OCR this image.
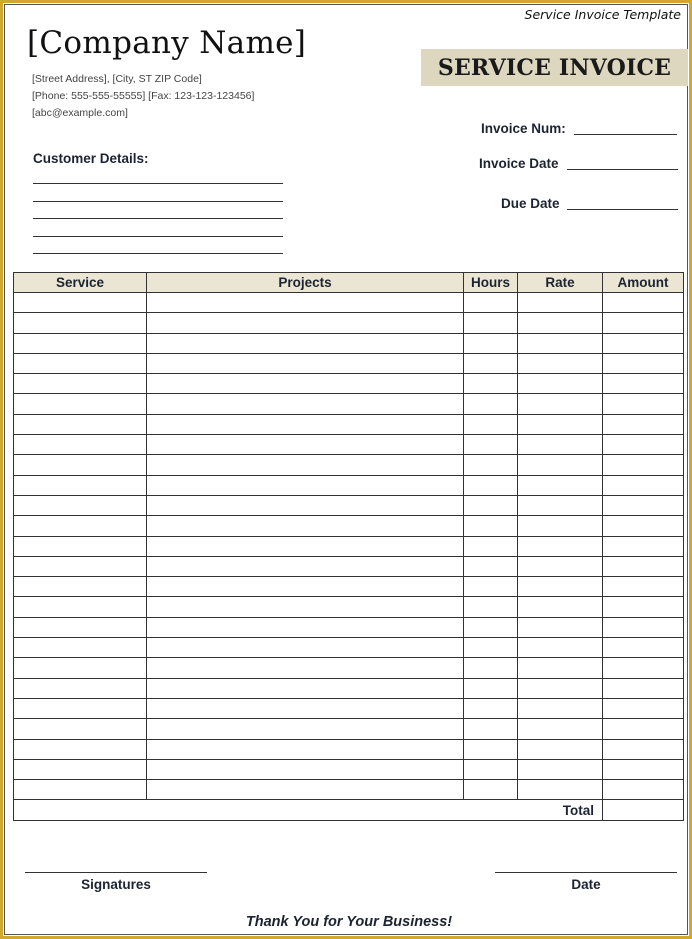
Service Invoice Template
[Company Name]
[Street Address], [City, ST ZIP Code]
[Phone: 555-555-55555] [Fax: 123-123-123456]
[abc@example.com]
SERVICE INVOICE
Invoice Num:
Invoice Date
Due Date
Customer Details:
Service	Projects	Hours	Rate	Amount

Total				
Signatures	Date
Thank You for Your Business!
